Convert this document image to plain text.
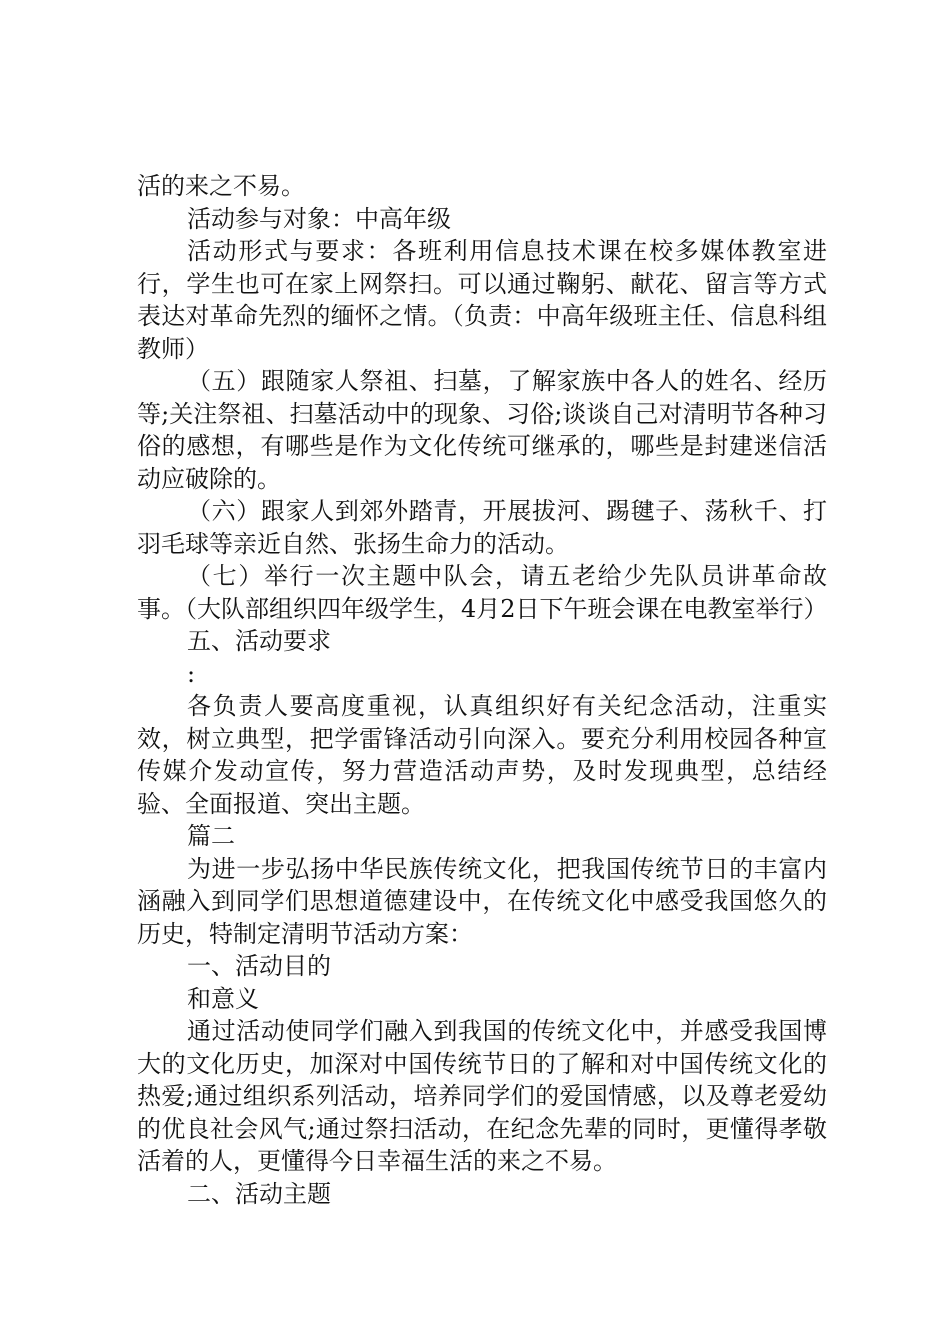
活的来之不易。

活动参与对象：中高年级

活动形式与要求：各班利用信息技术课在校多媒体教室进行，学生也可在家上网祭扫。可以通过鞠躬、献花、留言等方式表达对革命先烈的缅怀之情。（负责：中高年级班主任、信息科组教师）

（五）跟随家人祭祖、扫墓，了解家族中各人的姓名、经历等;关注祭祖、扫墓活动中的现象、习俗;谈谈自己对清明节各种习俗的感想，有哪些是作为文化传统可继承的，哪些是封建迷信活动应破除的。

（六）跟家人到郊外踏青，开展拔河、踢毽子、荡秋千、打羽毛球等亲近自然、张扬生命力的活动。

（七）举行一次主题中队会，请五老给少先队员讲革命故事。（大队部组织四年级学生，4月2日下午班会课在电教室举行）

五、活动要求

:

各负责人要高度重视，认真组织好有关纪念活动，注重实效，树立典型，把学雷锋活动引向深入。要充分利用校园各种宣传媒介发动宣传，努力营造活动声势，及时发现典型，总结经验、全面报道、突出主题。

篇二

为进一步弘扬中华民族传统文化，把我国传统节日的丰富内涵融入到同学们思想道德建设中，在传统文化中感受我国悠久的历史，特制定清明节活动方案：

一、活动目的

和意义

通过活动使同学们融入到我国的传统文化中，并感受我国博大的文化历史，加深对中国传统节日的了解和对中国传统文化的热爱;通过组织系列活动，培养同学们的爱国情感，以及尊老爱幼的优良社会风气;通过祭扫活动，在纪念先辈的同时，更懂得孝敬活着的人，更懂得今日幸福生活的来之不易。

二、活动主题
